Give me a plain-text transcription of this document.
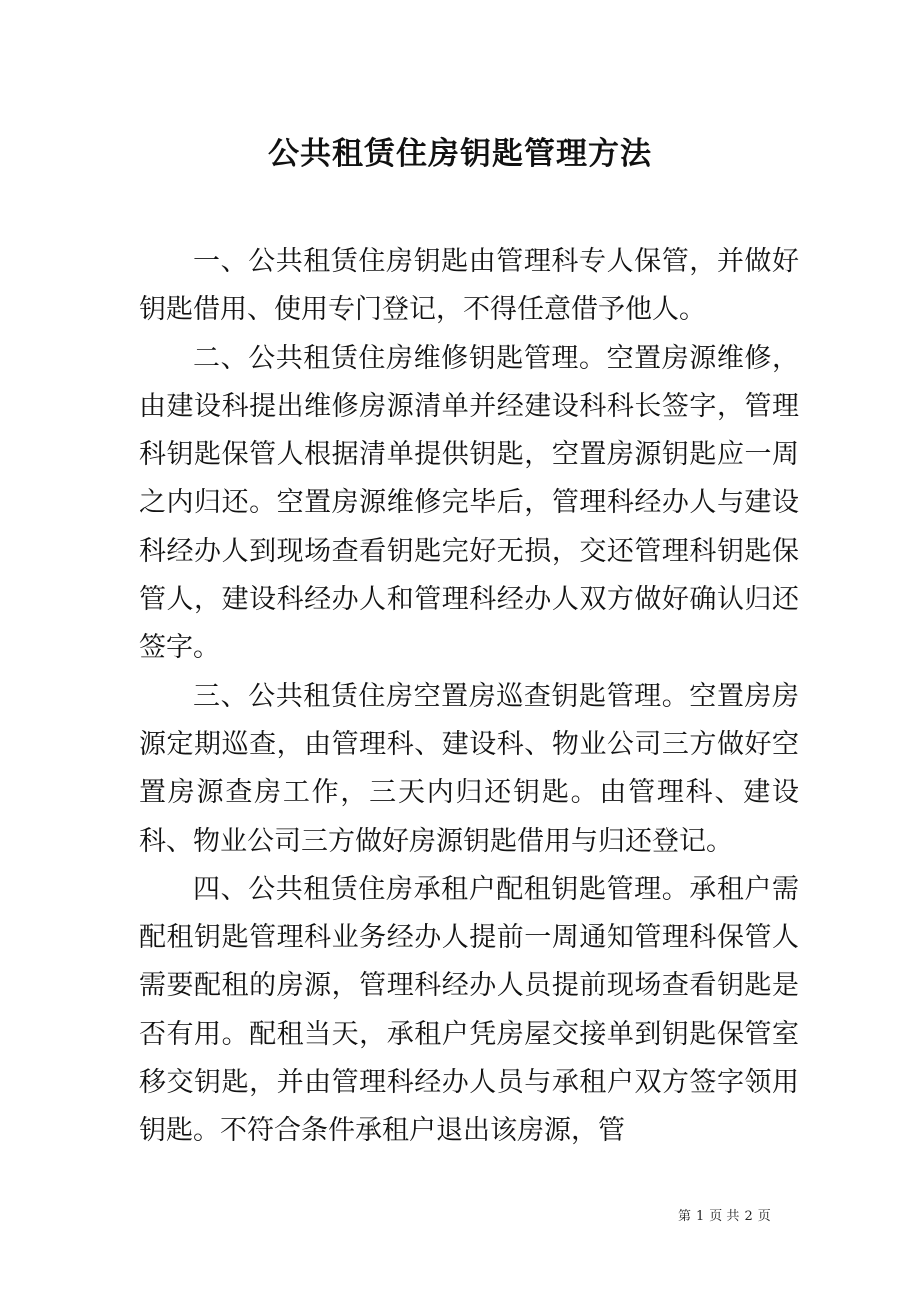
公共租赁住房钥匙管理方法

一、公共租赁住房钥匙由管理科专人保管，并做好钥匙借用、使用专门登记，不得任意借予他人。

二、公共租赁住房维修钥匙管理。空置房源维修，由建设科提出维修房源清单并经建设科科长签字，管理科钥匙保管人根据清单提供钥匙，空置房源钥匙应一周之内归还。空置房源维修完毕后，管理科经办人与建设科经办人到现场查看钥匙完好无损，交还管理科钥匙保管人，建设科经办人和管理科经办人双方做好确认归还签字。

三、公共租赁住房空置房巡查钥匙管理。空置房房源定期巡查，由管理科、建设科、物业公司三方做好空置房源查房工作，三天内归还钥匙。由管理科、建设科、物业公司三方做好房源钥匙借用与归还登记。

四、公共租赁住房承租户配租钥匙管理。承租户需配租钥匙管理科业务经办人提前一周通知管理科保管人需要配租的房源，管理科经办人员提前现场查看钥匙是否有用。配租当天，承租户凭房屋交接单到钥匙保管室移交钥匙，并由管理科经办人员与承租户双方签字领用钥匙。不符合条件承租户退出该房源，管

第 1 页 共 2 页
